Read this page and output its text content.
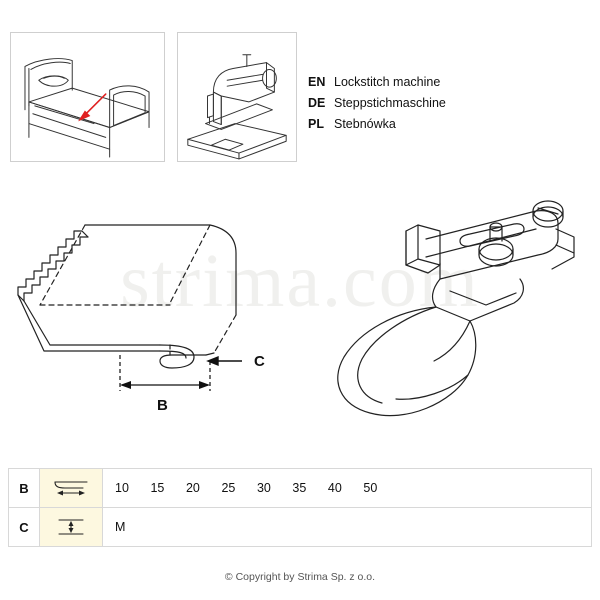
EN Lockstitch machine
DE Steppstichmaschine
PL Stebnówka
strima.com
C
B
B		10 15 20 25 30 35 40 50
C		M
© Copyright by Strima Sp. z o.o.
